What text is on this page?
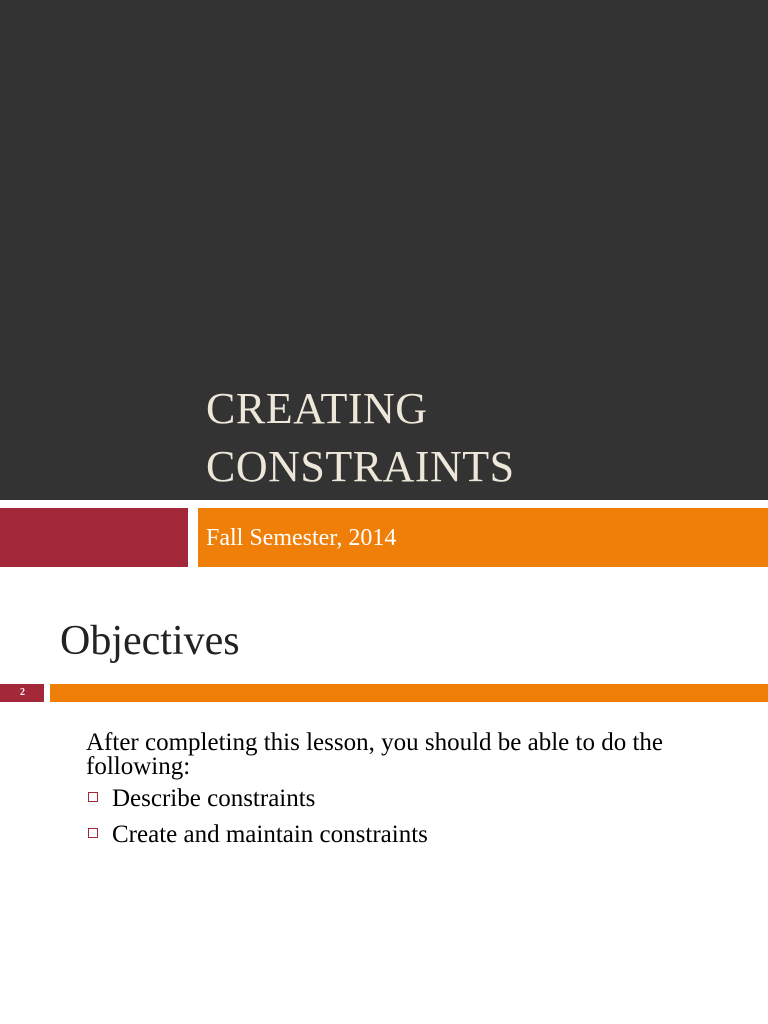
CREATING
CONSTRAINTS
Fall Semester, 2014
Objectives
2
After completing this lesson, you should be able to do the following:
Describe constraints
Create and maintain constraints
